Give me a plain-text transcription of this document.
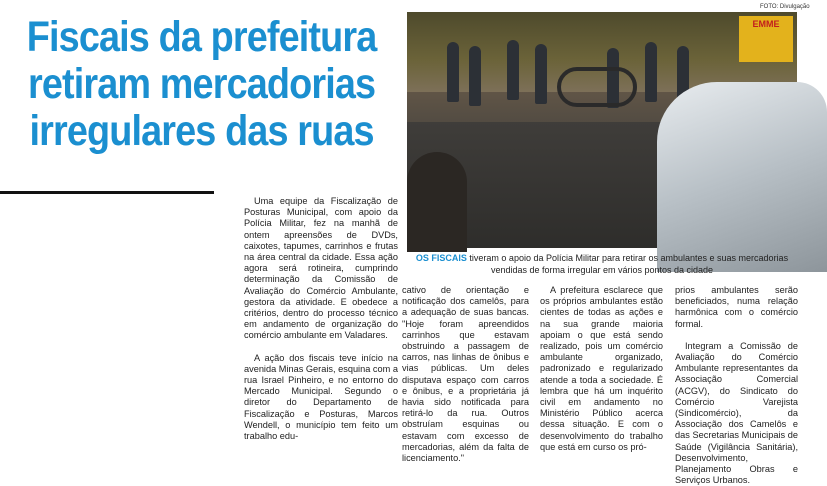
Fiscais da prefeitura
retiram mercadorias
irregulares das ruas
EMME
FOTO: Divulgação
OS FISCAIS tiveram o apoio da Polícia Militar para retirar os ambulantes e suas mercadorias vendidas de forma irregular em vários pontos da cidade

Uma equipe da Fiscalização de Posturas Municipal, com apoio da Polícia Militar, fez na manhã de ontem apreensões de DVDs, caixotes, tapumes, carrinhos e frutas na área central da cidade. Essa ação agora será rotineira, cumprindo determinação da Comissão de Avaliação do Comércio Ambulante, gestora da atividade. E obedece a critérios, dentro do processo técnico em andamento de organização do comércio ambulante em Valadares.

A ação dos fiscais teve início na avenida Minas Gerais, esquina com a rua Israel Pinheiro, e no entorno do Mercado Municipal. Segundo o diretor do Departamento de Fiscalização e Posturas, Marcos Wendell, o município tem feito um trabalho edu-

cativo de orientação e notificação dos camelôs, para a adequação de suas bancas. "Hoje foram apreendidos carrinhos que estavam obstruindo a passagem de carros, nas linhas de ônibus e vias públicas. Um deles disputava espaço com carros e ônibus, e a proprietária já havia sido notificada para retirá-lo da rua. Outros obstruíam esquinas ou estavam com excesso de mercadorias, além da falta de licenciamento."

A prefeitura esclarece que os próprios ambulantes estão cientes de todas as ações e na sua grande maioria apoiam o que está sendo realizado, pois um comércio ambulante organizado, padronizado e regularizado atende a toda a sociedade. É lembra que há um inquérito civil em andamento no Ministério Público acerca dessa situação. E com o desenvolvimento do trabalho que está em curso os pró-

prios ambulantes serão beneficiados, numa relação harmônica com o comércio formal.

Integram a Comissão de Avaliação do Comércio Ambulante representantes da Associação Comercial (ACGV), do Sindicato do Comércio Varejista (Sindicomércio), da Associação dos Camelôs e das Secretarias Municipais de Saúde (Vigilância Sanitária), Desenvolvimento, Planejamento Obras e Serviços Urbanos.
